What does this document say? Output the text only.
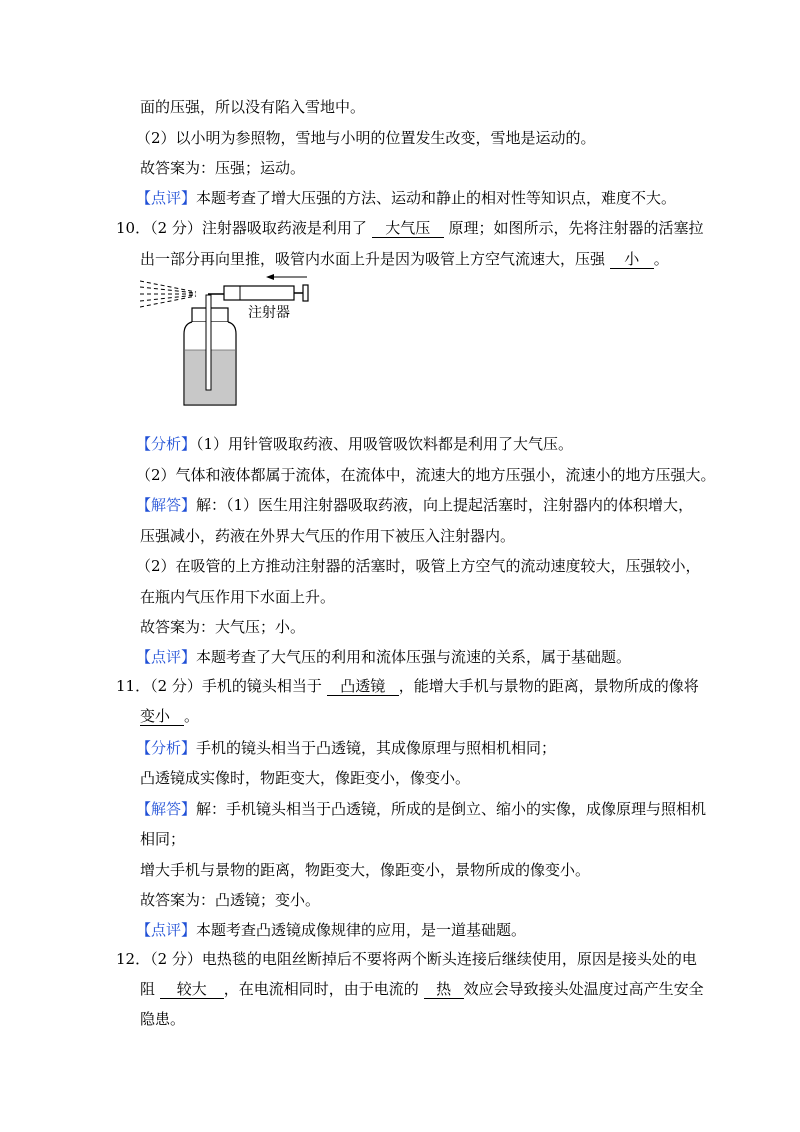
面的压强，所以没有陷入雪地中。
（2）以小明为参照物，雪地与小明的位置发生改变，雪地是运动的。
故答案为：压强；运动。
【点评】本题考查了增大压强的方法、运动和静止的相对性等知识点，难度不大。
10．（2 分）注射器吸取药液是利用了 大气压 原理；如图所示，先将注射器的活塞拉
出一部分再向里推，吸管内水面上升是因为吸管上方空气流速大，压强 小 。
注射器
【分析】（1）用针管吸取药液、用吸管吸饮料都是利用了大气压。
（2）气体和液体都属于流体，在流体中，流速大的地方压强小，流速小的地方压强大。
【解答】解：（1）医生用注射器吸取药液，向上提起活塞时，注射器内的体积增大，
压强减小，药液在外界大气压的作用下被压入注射器内。
（2）在吸管的上方推动注射器的活塞时，吸管上方空气的流动速度较大，压强较小，
在瓶内气压作用下水面上升。
故答案为：大气压；小。
【点评】本题考查了大气压的利用和流体压强与流速的关系，属于基础题。
11．（2 分）手机的镜头相当于 凸透镜 ，能增大手机与景物的距离，景物所成的像将
变小 。
【分析】手机的镜头相当于凸透镜，其成像原理与照相机相同；
凸透镜成实像时，物距变大，像距变小，像变小。
【解答】解：手机镜头相当于凸透镜，所成的是倒立、缩小的实像，成像原理与照相机
相同；
增大手机与景物的距离，物距变大，像距变小，景物所成的像变小。
故答案为：凸透镜；变小。
【点评】本题考查凸透镜成像规律的应用，是一道基础题。
12．（2 分）电热毯的电阻丝断掉后不要将两个断头连接后继续使用，原因是接头处的电
阻 较大 ，在电流相同时，由于电流的 热 效应会导致接头处温度过高产生安全
隐患。
